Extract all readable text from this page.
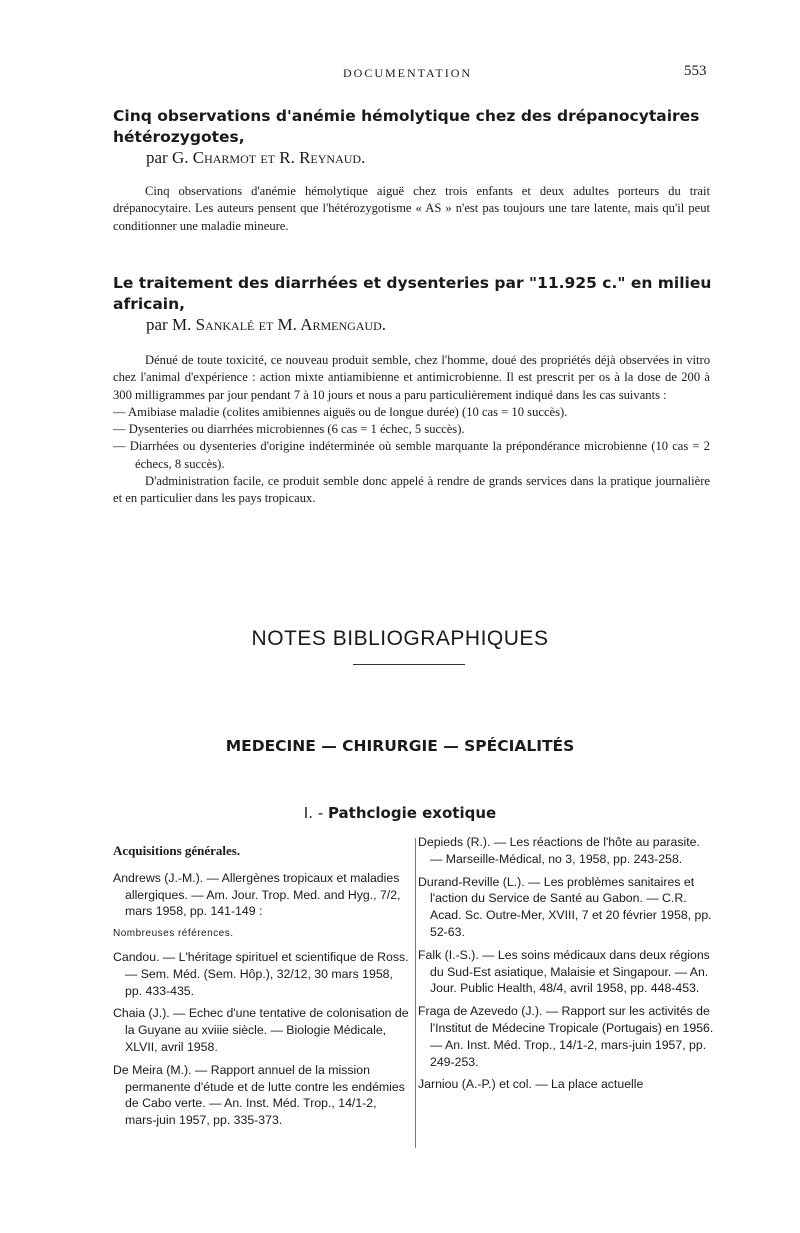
DOCUMENTATION	553
Cinq observations d'anémie hémolytique chez des drépanocytaires hétérozygotes,
par G. Charmot et R. Reynaud.

Cinq observations d'anémie hémolytique aiguë chez trois enfants et deux adultes porteurs du trait drépanocytaire. Les auteurs pensent que l'hétérozygotisme « AS » n'est pas toujours une tare latente, mais qu'il peut conditionner une maladie mineure.

Le traitement des diarrhées et dysenteries par "11.925 c." en milieu africain,
par M. Sankalé et M. Armengaud.

Dénué de toute toxicité, ce nouveau produit semble, chez l'homme, doué des propriétés déjà observées in vitro chez l'animal d'expérience : action mixte antiamibienne et antimicrobienne. Il est prescrit per os à la dose de 200 à 300 milligrammes par jour pendant 7 à 10 jours et nous a paru particulièrement indiqué dans les cas suivants :

— Amibiase maladie (colites amibiennes aiguës ou de longue durée) (10 cas = 10 succès).

— Dysenteries ou diarrhées microbiennes (6 cas = 1 échec, 5 succès).

— Diarrhées ou dysenteries d'origine indéterminée où semble marquante la prépondérance microbienne (10 cas = 2 échecs, 8 succès).

D'administration facile, ce produit semble donc appelé à rendre de grands services dans la pratique journalière et en particulier dans les pays tropicaux.

NOTES BIBLIOGRAPHIQUES
MEDECINE — CHIRURGIE — SPÉCIALITÉS
I. - Pathclogie exotique
Acquisitions générales.
Andrews (J.-M.). — Allergènes tropicaux et maladies allergiques. — Am. Jour. Trop. Med. and Hyg., 7/2, mars 1958, pp. 141-149 :
Nombreuses références.
Candou. — L'héritage spirituel et scientifique de Ross. — Sem. Méd. (Sem. Hôp.), 32/12, 30 mars 1958, pp. 433-435.
Chaia (J.). — Echec d'une tentative de colonisation de la Guyane au xviiie siècle. — Biologie Médicale, XLVII, avril 1958.
De Meira (M.). — Rapport annuel de la mission permanente d'étude et de lutte contre les endémies de Cabo verte. — An. Inst. Méd. Trop., 14/1-2, mars-juin 1957, pp. 335-373.
Depieds (R.). — Les réactions de l'hôte au parasite. — Marseille-Médical, no 3, 1958, pp. 243-258.
Durand-Reville (L.). — Les problèmes sanitaires et l'action du Service de Santé au Gabon. — C.R. Acad. Sc. Outre-Mer, XVIII, 7 et 20 février 1958, pp. 52-63.
Falk (I.-S.). — Les soins médicaux dans deux régions du Sud-Est asiatique, Malaisie et Singapour. — An. Jour. Public Health, 48/4, avril 1958, pp. 448-453.
Fraga de Azevedo (J.). — Rapport sur les activités de l'Institut de Médecine Tropicale (Portugais) en 1956. — An. Inst. Méd. Trop., 14/1-2, mars-juin 1957, pp. 249-253.
Jarniou (A.-P.) et col. — La place actuelle
